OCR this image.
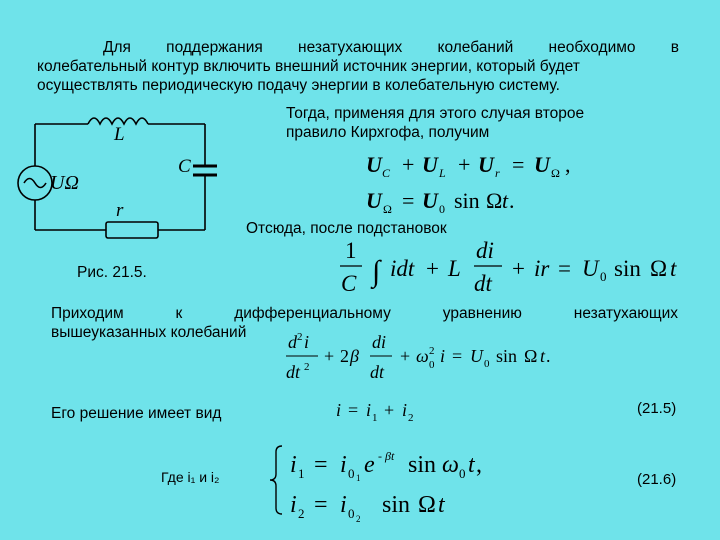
Для поддержания незатухающих колебаний необходимо в
колебательный контур включить внешний источник энергии, который будет
осуществлять периодическую подачу энергии в колебательную систему.
Тогда, применяя для этого случая второе
правило Кирхгофа, получим
L
C
r
UΩ
Рис. 21.5.
U C + U L + U r = U Ω ,
U Ω = U 0 sin Ω t .
Отсюда, после подстановок
1
C ∫ idt + L
di
dt
+ ir = U 0 sin Ω t
Приходим к дифференциальному уравнению незатухающих
вышеуказанных колебаний	d 2 i
dt 2
+ 2 β
di
dt
+ ω 2
0 i = U 0 sin Ω t .
Его решение имеет вид	i = i 1 + i 2
(21.5)
Где i₁ и i₂	i 1 = i 0 1 e - βt sin ω 0 t ,
i 2 = i 0 2
sin Ω t
(21.6)
